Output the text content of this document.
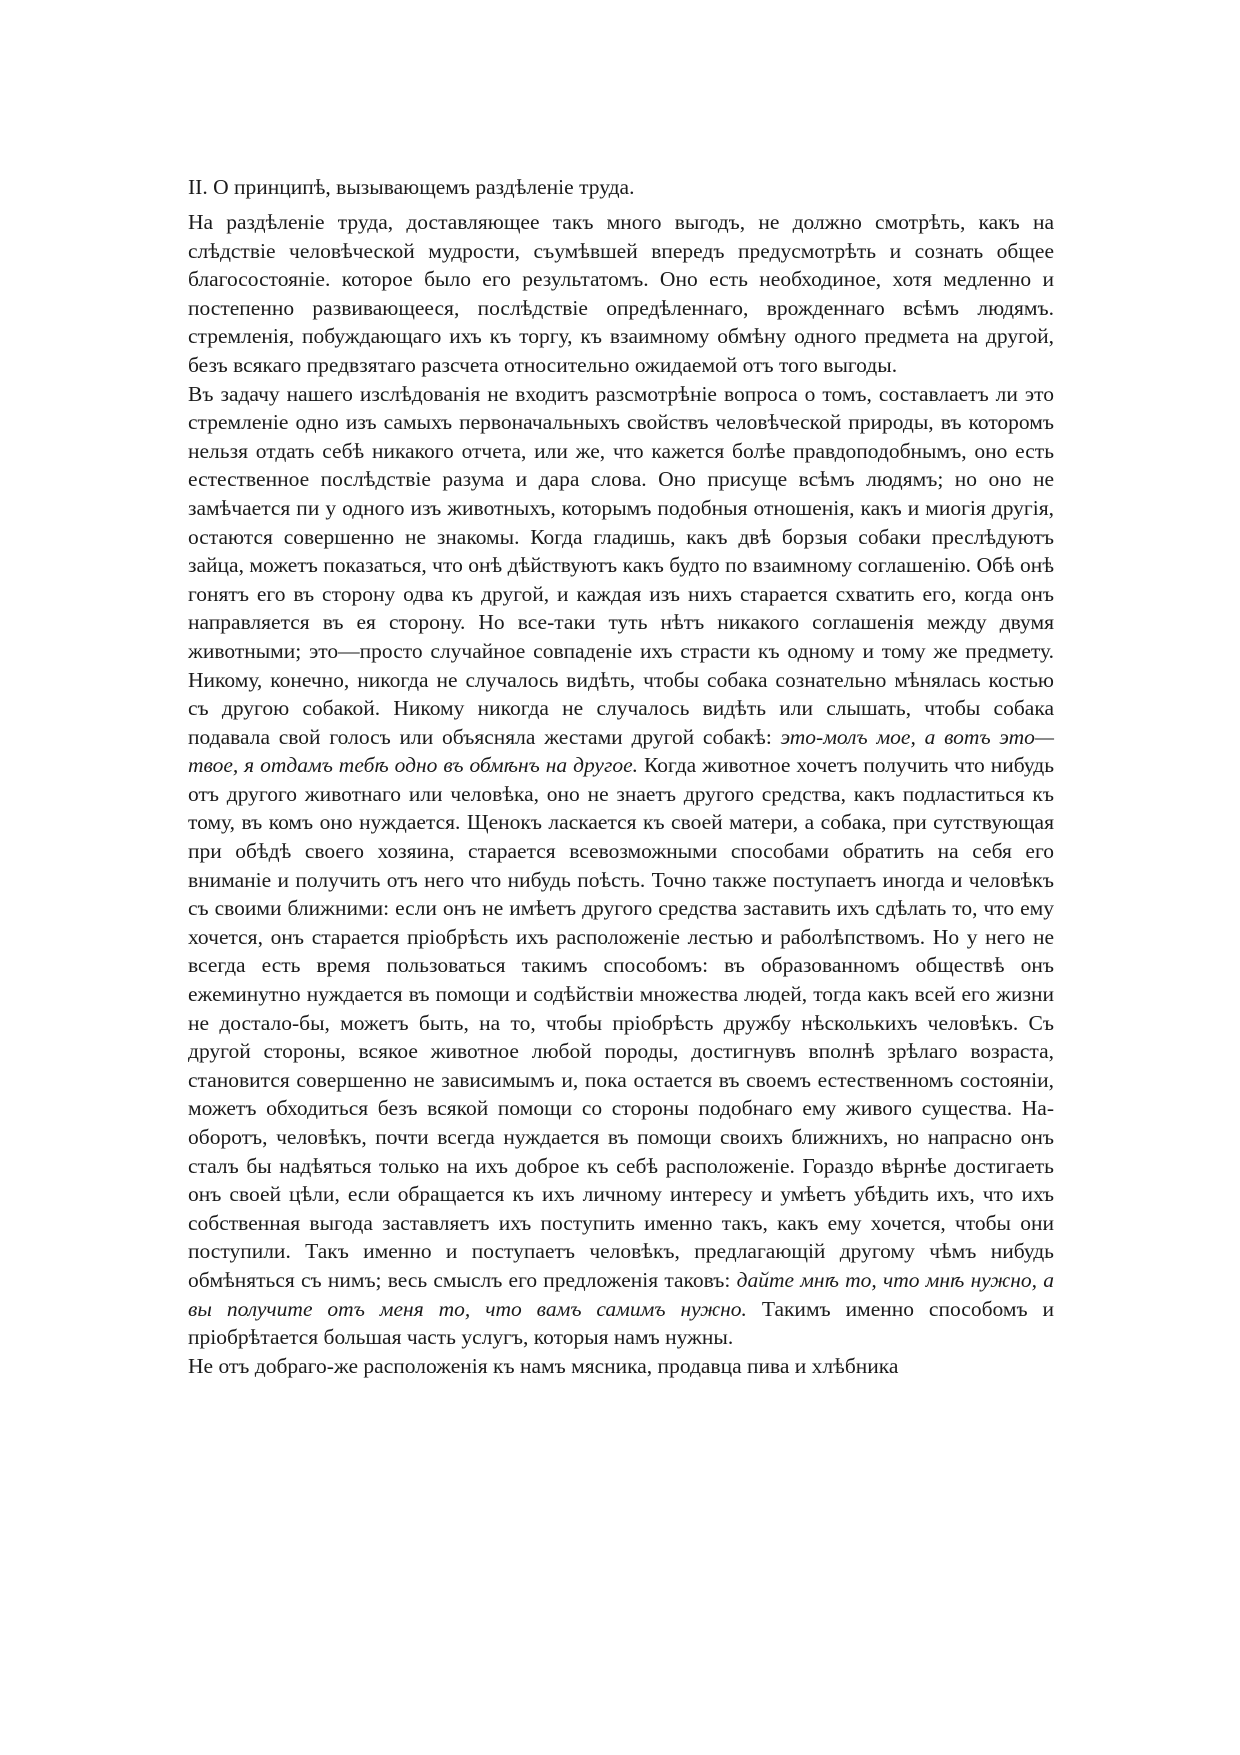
II. О принципѣ, вызывающемъ раздѣленіе труда.

На раздѣленіе труда, доставляющее такъ много выгодъ, не должно смотрѣть, какъ на слѣдствіе человѣческой мудрости, съумѣвшей впередъ предусмотрѣть и сознать общее благосостояніе. которое было его результатомъ. Оно есть необходиное, хотя медленно и постепенно развивающееся, послѣдствіе опредѣленнаго, врожденнаго всѣмъ людямъ. стремленія, побуждающаго ихъ къ торгу, къ взаимному обмѣну одного предмета на другой, безъ всякаго предвзятаго разсчета относительно ожидаемой отъ того выгоды.

Въ задачу нашего изслѣдованія не входитъ разсмотрѣніе вопроса о томъ, составлаетъ ли это стремленіе одно изъ самыхъ первоначальныхъ свойствъ человѣческой природы, въ которомъ нельзя отдать себѣ никакого отчета, или же, что кажется болѣе правдоподобнымъ, оно есть естественное послѣдствіе разума и дара слова. Оно присуще всѣмъ людямъ; но оно не замѣчается пи у одного изъ животныхъ, которымъ подобныя отношенія, какъ и миогія другія, остаются совершенно не знакомы. Когда гладишь, какъ двѣ борзыя собаки преслѣдуютъ зайца, можетъ показаться, что онѣ дѣйствуютъ какъ будто по взаимному соглашенію. Обѣ онѣ гонятъ его въ сторону одва къ другой, и каждая изъ нихъ старается схватить его, когда онъ направляется въ ея сторону. Но все-таки туть нѣтъ никакого соглашенія между двумя животными; это—просто случайное совпаденіе ихъ страсти къ одному и тому же предмету. Никому, конечно, никогда не случалось видѣть, чтобы собака сознательно мѣнялась костью съ другою собакой. Никому никогда не случалось видѣть или слышать, чтобы собака подавала свой голосъ или объясняла жестами другой собакѣ: это-молъ мое, а вотъ это—твое, я отдамъ тебѣ одно въ обмѣнъ на другое. Когда животное хочетъ получить что нибудь отъ другого животнаго или человѣка, оно не знаетъ другого средства, какъ подластиться къ тому, въ комъ оно нуждается. Щенокъ ласкается къ своей матери, а собака, при сутствующая при обѣдѣ своего хозяина, старается всевозможными способами обратить на себя его вниманіе и получить отъ него что нибудь поѣсть. Точно также поступаетъ иногда и человѣкъ съ своими ближними: если онъ не имѣетъ другого средства заставить ихъ сдѣлать то, что ему хочется, онъ старается пріобрѣсть ихъ расположеніе лестью и раболѣпствомъ. Но у него не всегда есть время пользоваться такимъ способомъ: въ образованномъ обществѣ онъ ежеминутно нуждается въ помощи и содѣйствіи множества людей, тогда какъ всей его жизни не достало-бы, можетъ быть, на то, чтобы пріобрѣсть дружбу нѣсколькихъ человѣкъ. Съ другой стороны, всякое животное любой породы, достигнувъ вполнѣ зрѣлаго возраста, становится совершенно не зависимымъ и, пока остается въ своемъ естественномъ состояніи, можетъ обходиться безъ всякой помощи со стороны подобнаго ему живого существа. На-оборотъ, человѣкъ, почти всегда нуждается въ помощи своихъ ближнихъ, но напрасно онъ сталъ бы надѣяться только на ихъ доброе къ себѣ расположеніе. Гораздо вѣрнѣе достигаеть онъ своей цѣли, если обращается къ ихъ личному интересу и умѣетъ убѣдить ихъ, что ихъ собственная выгода заставляетъ ихъ поступить именно такъ, какъ ему хочется, чтобы они поступили. Такъ именно и поступаетъ человѣкъ, предлагающій другому чѣмъ нибудь обмѣняться съ нимъ; весь смыслъ его предложенія таковъ: дайте мнѣ то, что мнѣ нужно, а вы получите отъ меня то, что вамъ самимъ нужно. Такимъ именно способомъ и пріобрѣтается большая часть услугъ, которыя намъ нужны.

Не отъ добраго-же расположенія къ намъ мясника, продавца пива и хлѣбника
